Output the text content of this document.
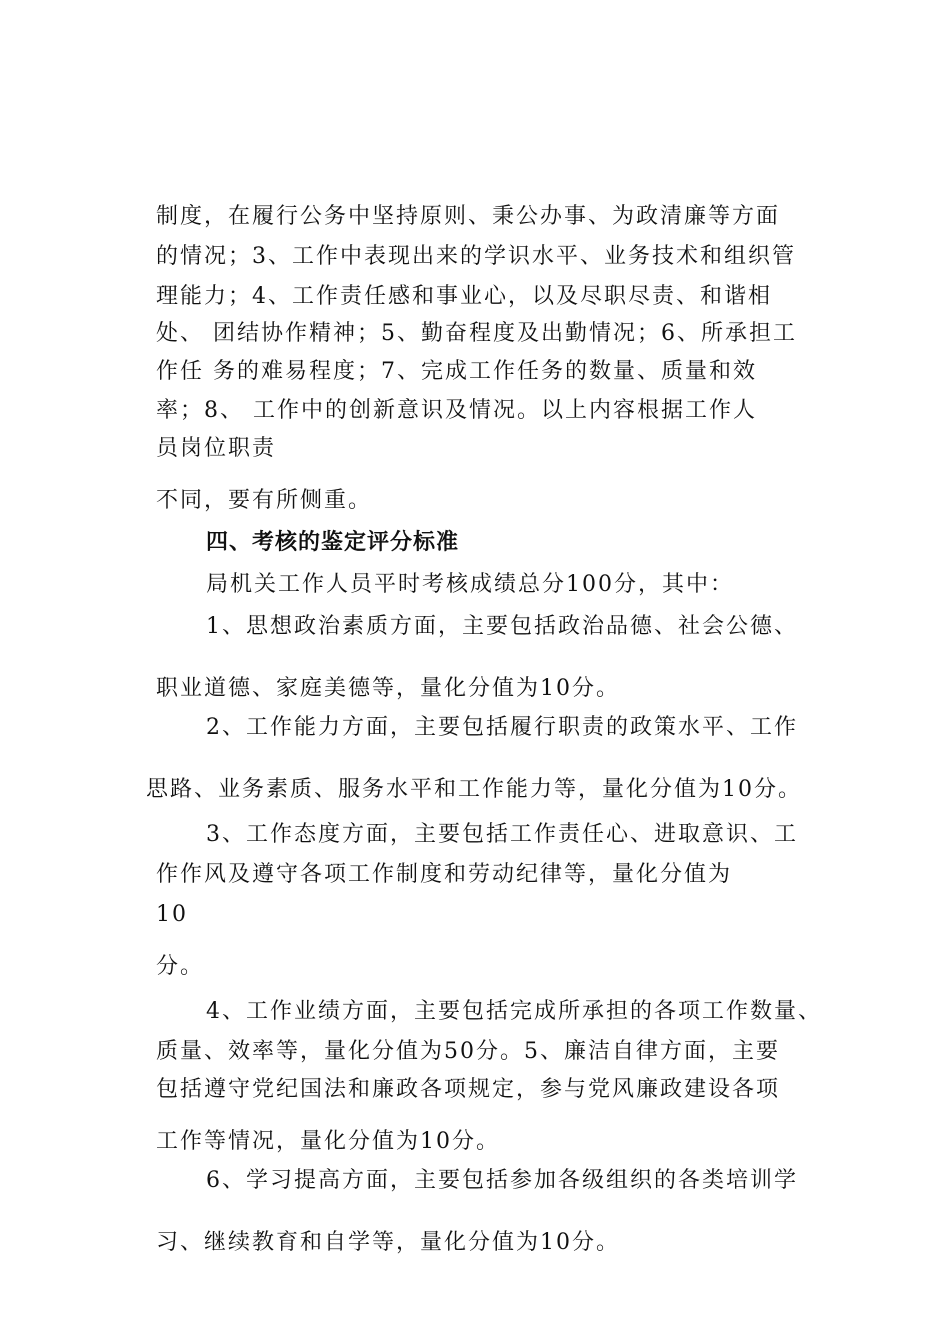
制度，在履行公务中坚持原则、秉公办事、为政清廉等方面
的情况；3、工作中表现出来的学识水平、业务技术和组织管
理能力；4、工作责任感和事业心，以及尽职尽责、和谐相
处、 团结协作精神；5、勤奋程度及出勤情况；6、所承担工
作任 务的难易程度；7、完成工作任务的数量、质量和效
率；8、 工作中的创新意识及情况。以上内容根据工作人
员岗位职责
不同，要有所侧重。
四、考核的鉴定评分标准
局机关工作人员平时考核成绩总分100分，其中：
1、思想政治素质方面，主要包括政治品德、社会公德、
职业道德、家庭美德等，量化分值为10分。
2、工作能力方面，主要包括履行职责的政策水平、工作
思路、业务素质、服务水平和工作能力等，量化分值为10分。
3、工作态度方面，主要包括工作责任心、进取意识、工
作作风及遵守各项工作制度和劳动纪律等，量化分值为
10
分。
4、工作业绩方面，主要包括完成所承担的各项工作数量、
质量、效率等，量化分值为50分。5、廉洁自律方面，主要
包括遵守党纪国法和廉政各项规定，参与党风廉政建设各项
工作等情况，量化分值为10分。
6、学习提高方面，主要包括参加各级组织的各类培训学
习、继续教育和自学等，量化分值为10分。
